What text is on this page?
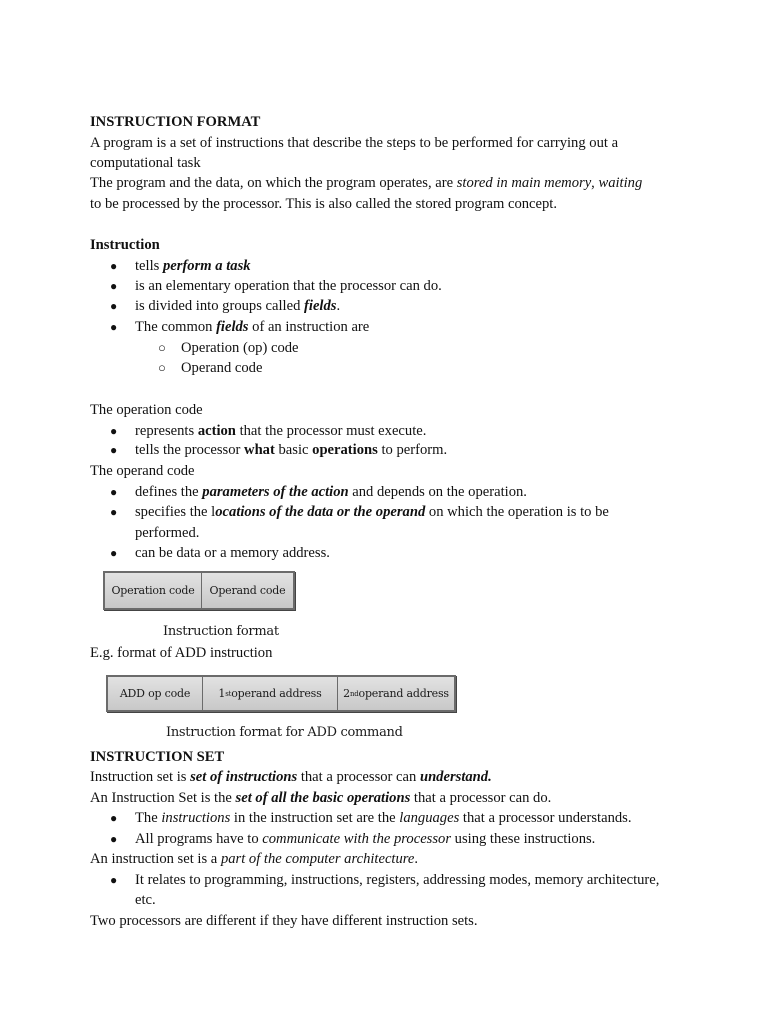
INSTRUCTION FORMAT
A program is a set of instructions that describe the steps to be performed for carrying out a
computational task
The program and the data, on which the program operates, are stored in main memory, waiting
to be processed by the processor. This is also called the stored program concept.
Instruction
● tells perform a task
● is an elementary operation that the processor can do.
● is divided into groups called fields.
● The common fields of an instruction are
○ Operation (op) code
○ Operand code
The operation code
● represents action that the processor must execute.
● tells the processor what basic operations to perform.
The operand code
● defines the parameters of the action and depends on the operation.
● specifies the locations of the data or the operand on which the operation is to be
performed.
● can be data or a memory address.
Operation code	Operand code
Instruction format
E.g. format of ADD instruction
ADD op code	1 st operand address 2 nd operand address
Instruction format for ADD command
INSTRUCTION SET
Instruction set is set of instructions that a processor can understand.
An Instruction Set is the set of all the basic operations that a processor can do.
● The instructions in the instruction set are the languages that a processor understands.
● All programs have to communicate with the processor using these instructions.
An instruction set is a part of the computer architecture.
● It relates to programming, instructions, registers, addressing modes, memory architecture,
etc.
Two processors are different if they have different instruction sets.
